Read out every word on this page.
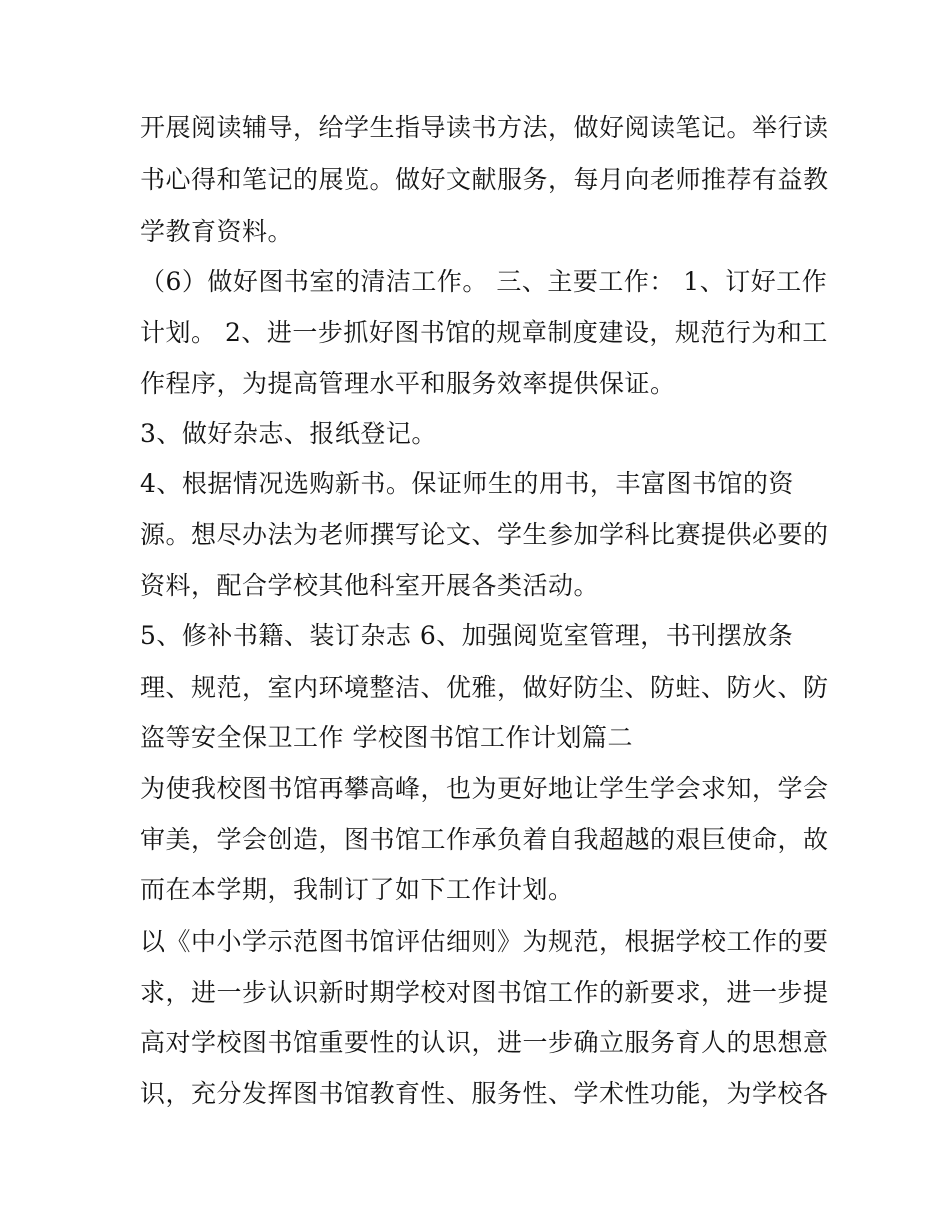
开展阅读辅导，给学生指导读书方法，做好阅读笔记。举行读
书心得和笔记的展览。做好文献服务，每月向老师推荐有益教
学教育资料。
（6）做好图书室的清洁工作。 三、主要工作： 1、订好工作
计划。 2、进一步抓好图书馆的规章制度建设，规范行为和工
作程序，为提高管理水平和服务效率提供保证。
3、做好杂志、报纸登记。
4、根据情况选购新书。保证师生的用书，丰富图书馆的资
源。想尽办法为老师撰写论文、学生参加学科比赛提供必要的
资料，配合学校其他科室开展各类活动。
5、修补书籍、装订杂志 6、加强阅览室管理，书刊摆放条
理、规范，室内环境整洁、优雅，做好防尘、防蛀、防火、防
盗等安全保卫工作 学校图书馆工作计划篇二
为使我校图书馆再攀高峰，也为更好地让学生学会求知，学会
审美，学会创造，图书馆工作承负着自我超越的艰巨使命，故
而在本学期，我制订了如下工作计划。
以《中小学示范图书馆评估细则》为规范，根据学校工作的要
求，进一步认识新时期学校对图书馆工作的新要求，进一步提
高对学校图书馆重要性的认识，进一步确立服务育人的思想意
识，充分发挥图书馆教育性、服务性、学术性功能，为学校各
